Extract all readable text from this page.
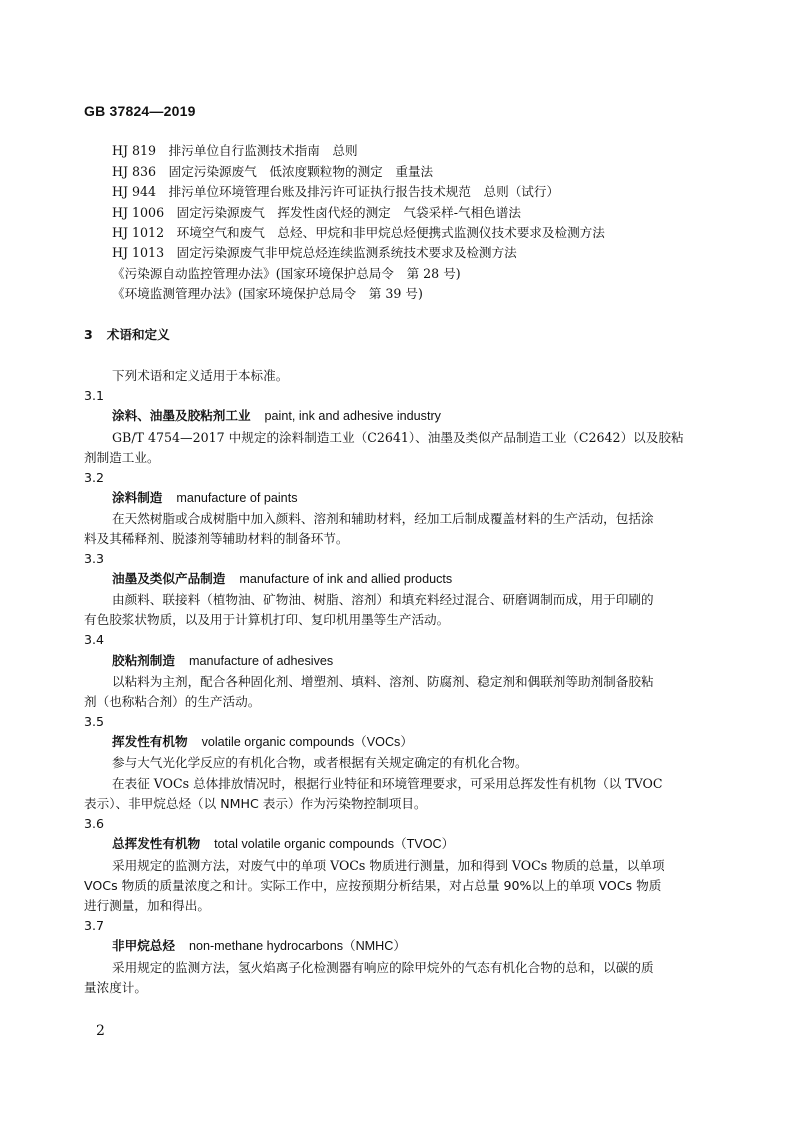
GB 37824—2019
HJ 819　排污单位自行监测技术指南　总则
HJ 836　固定污染源废气　低浓度颗粒物的测定　重量法
HJ 944　排污单位环境管理台账及排污许可证执行报告技术规范　总则（试行）
HJ 1006　固定污染源废气　挥发性卤代烃的测定　气袋采样-气相色谱法
HJ 1012　环境空气和废气　总烃、甲烷和非甲烷总烃便携式监测仪技术要求及检测方法
HJ 1013　固定污染源废气非甲烷总烃连续监测系统技术要求及检测方法
《污染源自动监控管理办法》(国家环境保护总局令　第 28 号)
《环境监测管理办法》(国家环境保护总局令　第 39 号)
3 术语和定义
下列术语和定义适用于本标准。
3.1
涂料、油墨及胶粘剂工业 paint, ink and adhesive industry
GB/T 4754—2017 中规定的涂料制造工业（C2641）、油墨及类似产品制造工业（C2642）以及胶粘
剂制造工业。
3.2
涂料制造 manufacture of paints
在天然树脂或合成树脂中加入颜料、溶剂和辅助材料，经加工后制成覆盖材料的生产活动，包括涂
料及其稀释剂、脱漆剂等辅助材料的制备环节。
3.3
油墨及类似产品制造 manufacture of ink and allied products
由颜料、联接料（植物油、矿物油、树脂、溶剂）和填充料经过混合、研磨调制而成，用于印刷的
有色胶浆状物质，以及用于计算机打印、复印机用墨等生产活动。
3.4
胶粘剂制造 manufacture of adhesives
以粘料为主剂，配合各种固化剂、增塑剂、填料、溶剂、防腐剂、稳定剂和偶联剂等助剂制备胶粘
剂（也称粘合剂）的生产活动。
3.5
挥发性有机物 volatile organic compounds（VOCs）
参与大气光化学反应的有机化合物，或者根据有关规定确定的有机化合物。
在表征 VOCs 总体排放情况时，根据行业特征和环境管理要求，可采用总挥发性有机物（以 TVOC
表示）、非甲烷总烃（以 NMHC 表示）作为污染物控制项目。
3.6
总挥发性有机物 total volatile organic compounds（TVOC）
采用规定的监测方法，对废气中的单项 VOCs 物质进行测量，加和得到 VOCs 物质的总量，以单项
VOCs 物质的质量浓度之和计。实际工作中，应按预期分析结果，对占总量 90%以上的单项 VOCs 物质
进行测量，加和得出。
3.7
非甲烷总烃 non-methane hydrocarbons（NMHC）
采用规定的监测方法，氢火焰离子化检测器有响应的除甲烷外的气态有机化合物的总和，以碳的质
量浓度计。
2
